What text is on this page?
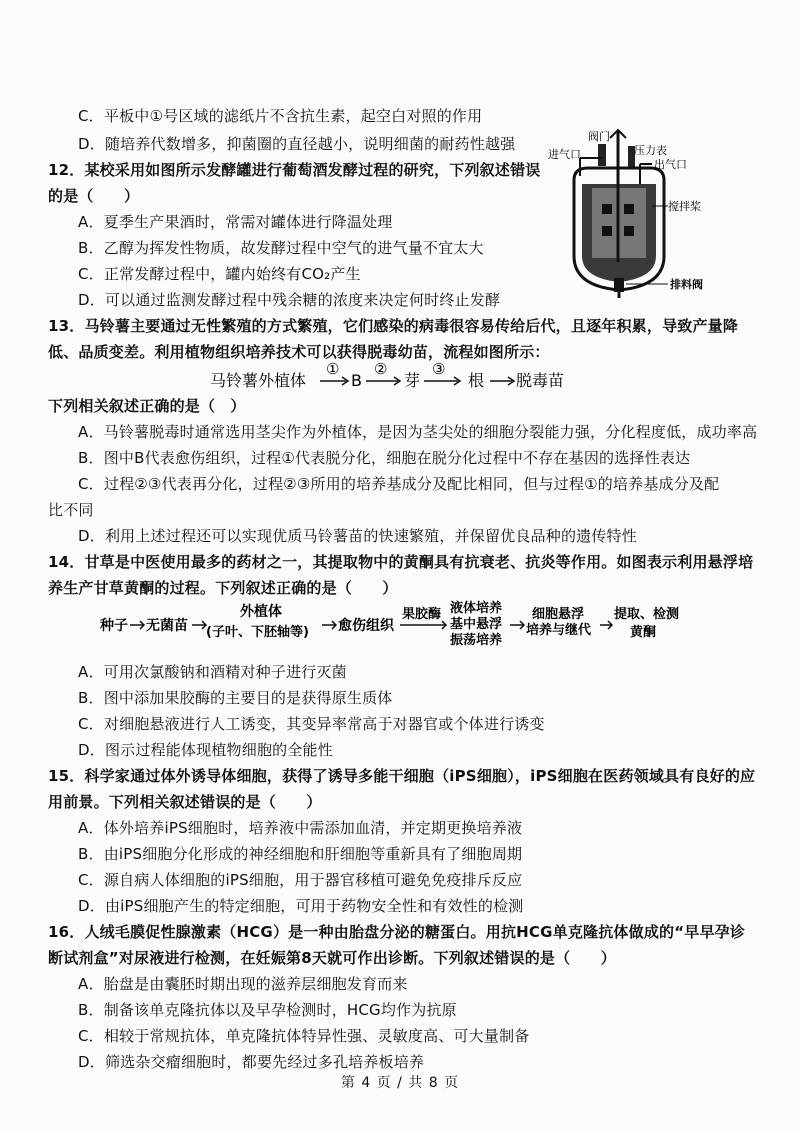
C．平板中①号区域的滤纸片不含抗生素，起空白对照的作用
D．随培养代数增多，抑菌圈的直径越小，说明细菌的耐药性越强
12．某校采用如图所示发酵罐进行葡萄酒发酵过程的研究，下列叙述错误
的是（　　）
A．夏季生产果酒时，常需对罐体进行降温处理
B．乙醇为挥发性物质，故发酵过程中空气的进气量不宜太大
C．正常发酵过程中，罐内始终有CO₂产生
D．可以通过监测发酵过程中残余糖的浓度来决定何时终止发酵
阀门
进气口	压力表
出气口
搅拌桨
排料阀
13．马铃薯主要通过无性繁殖的方式繁殖，它们感染的病毒很容易传给后代，且逐年积累，导致产量降
低、品质变差。利用植物组织培养技术可以获得脱毒幼苗，流程如图所示：
马铃薯外植体
①
B
②
芽
③
根 脱毒苗
下列相关叙述正确的是（　）
A．马铃薯脱毒时通常选用茎尖作为外植体，是因为茎尖处的细胞分裂能力强，分化程度低，成功率高
B．图中B代表愈伤组织，过程①代表脱分化，细胞在脱分化过程中不存在基因的选择性表达
C．过程②③代表再分化，过程②③所用的培养基成分及配比相同，但与过程①的培养基成分及配
比不同
D．利用上述过程还可以实现优质马铃薯苗的快速繁殖，并保留优良品种的遗传特性
14．甘草是中医使用最多的药材之一，其提取物中的黄酮具有抗衰老、抗炎等作用。如图表示利用悬浮培
养生产甘草黄酮的过程。下列叙述正确的是（　　）
种子 无菌苗
外植体
(子叶、下胚轴等) 愈伤组织
果胶酶 液体培养
基中悬浮
振荡培养
细胞悬浮
培养与继代
提取、检测
黄酮
A．可用次氯酸钠和酒精对种子进行灭菌
B．图中添加果胶酶的主要目的是获得原生质体
C．对细胞悬液进行人工诱变，其变异率常高于对器官或个体进行诱变
D．图示过程能体现植物细胞的全能性
15．科学家通过体外诱导体细胞，获得了诱导多能干细胞（iPS细胞），iPS细胞在医药领域具有良好的应
用前景。下列相关叙述错误的是（　　）
A．体外培养iPS细胞时，培养液中需添加血清，并定期更换培养液
B．由iPS细胞分化形成的神经细胞和肝细胞等重新具有了细胞周期
C．源自病人体细胞的iPS细胞，用于器官移植可避免免疫排斥反应
D．由iPS细胞产生的特定细胞，可用于药物安全性和有效性的检测
16．人绒毛膜促性腺激素（HCG）是一种由胎盘分泌的糖蛋白。用抗HCG单克隆抗体做成的“早早孕诊
断试剂盒”对尿液进行检测，在妊娠第8天就可作出诊断。下列叙述错误的是（　　）
A．胎盘是由囊胚时期出现的滋养层细胞发育而来
B．制备该单克隆抗体以及早孕检测时，HCG均作为抗原
C．相较于常规抗体，单克隆抗体特异性强、灵敏度高、可大量制备
D．筛选杂交瘤细胞时，都要先经过多孔培养板培养
第 4 页 / 共 8 页
